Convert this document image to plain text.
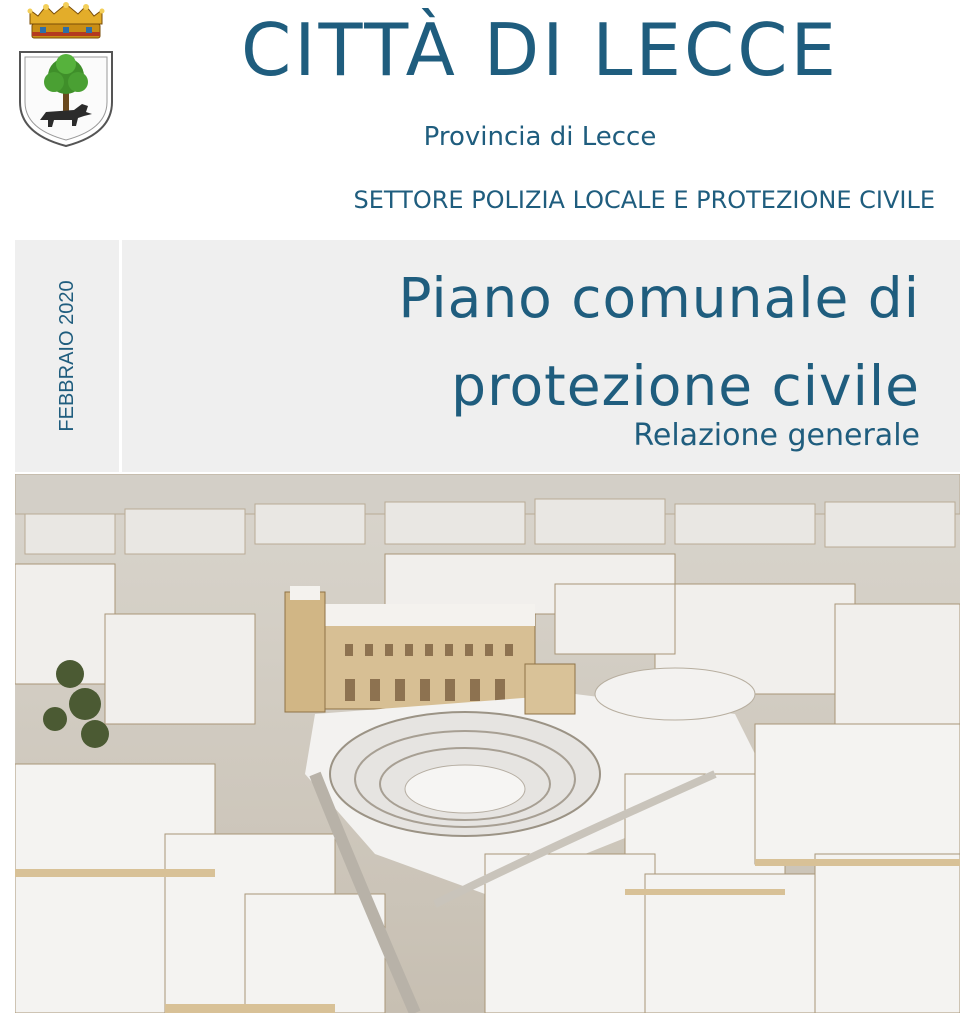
CITTÀ DI LECCE
Provincia di Lecce
SETTORE POLIZIA LOCALE E PROTEZIONE CIVILE
FEBBRAIO 2020	Piano comunale di
protezione civile
Relazione generale
